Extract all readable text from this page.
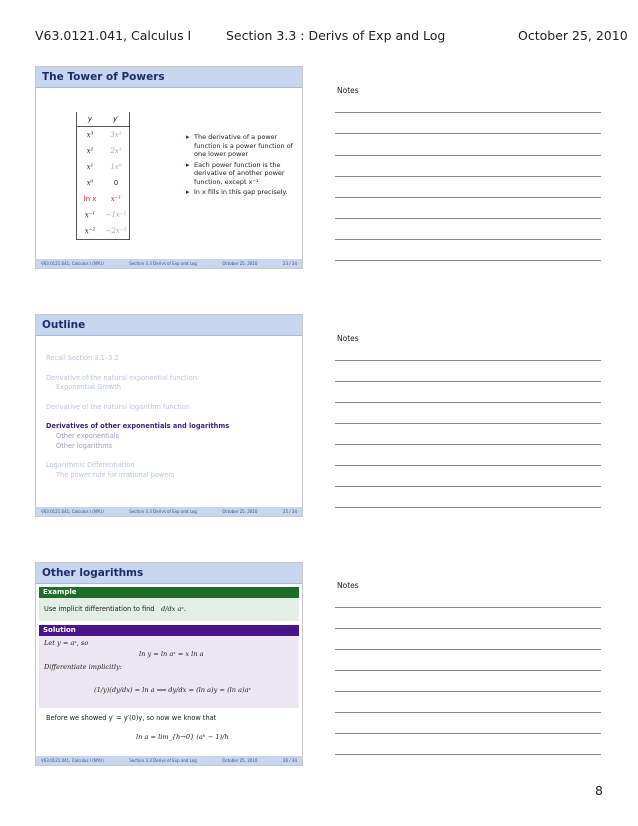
V63.0121.041, Calculus I	Section 3.3 : Derivs of Exp and Log	October 25, 2010
The Tower of Powers
y	y′
x³	3x²
x²	2x¹
x¹	1x⁰
x⁰	0
ln x	x⁻¹
x⁻¹	−1x⁻²
x⁻²	−2x⁻³
▸ The derivative of a power function is a power function of one lower power
▸ Each power function is the derivative of another power function, except x⁻¹
▸ ln x fills in this gap precisely.
V63.0121.041, Calculus I (NYU)	Section 3.3 Derivs of Exp and Log	October 25, 2010	23 / 34
Notes
Outline
Recall Section 3.1–3.2
Derivative of the natural exponential function
Exponential Growth
Derivative of the natural logarithm function
Derivatives of other exponentials and logarithms
Other exponentials
Other logarithms
Logarithmic Differentiation
The power rule for irrational powers
V63.0121.041, Calculus I (NYU)	Section 3.3 Derivs of Exp and Log	October 25, 2010	25 / 34
Notes
Other logarithms
Example
Use implicit differentiation to find d/dx aˣ.
Solution
Let y = aˣ, so
ln y = ln aˣ = x ln a
Differentiate implicitly:
(1/y)(dy/dx) = ln a ⟹ dy/dx = (ln a)y = (ln a)aˣ
Before we showed y′ = y′(0)y, so now we know that
ln a = lim_{h→0} (aʰ − 1)/h
V63.0121.041, Calculus I (NYU)	Section 3.3 Derivs of Exp and Log	October 25, 2010	26 / 34
Notes
8
